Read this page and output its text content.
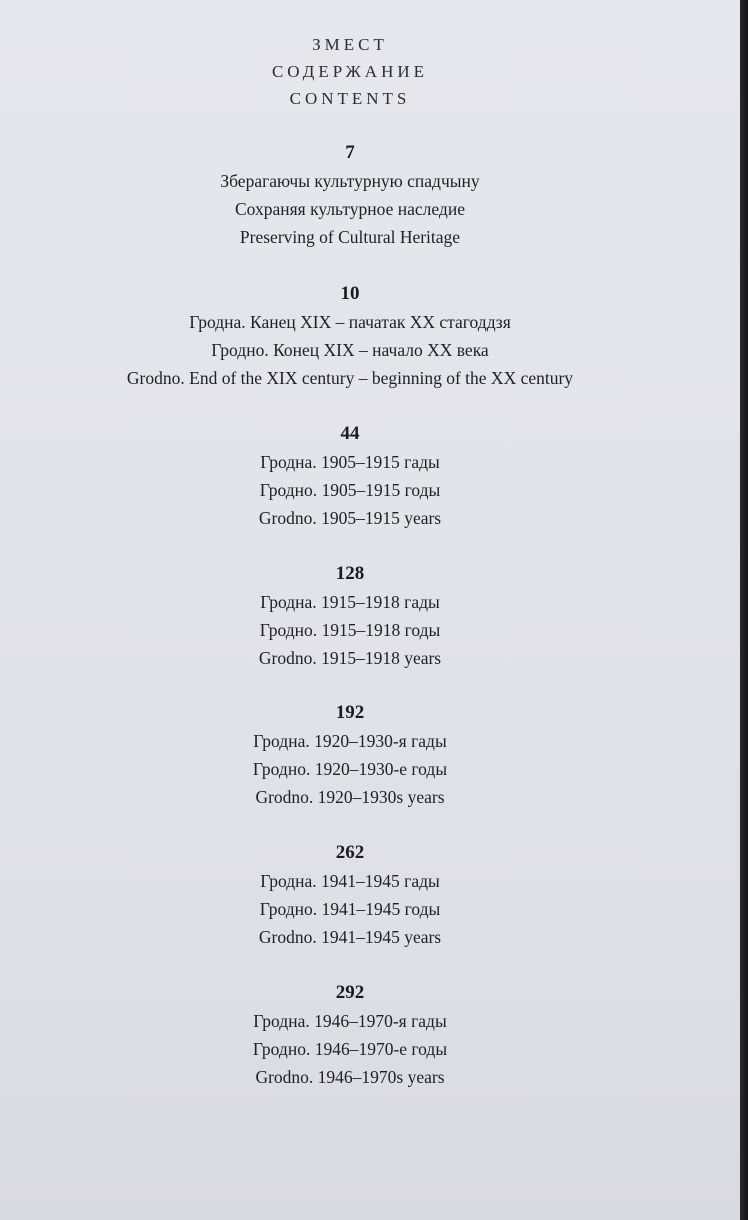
ЗМЕСТ
СОДЕРЖАНИЕ
CONTENTS
7
Зберагаючы культурную спадчыну
Сохраняя культурное наследие
Preserving of Cultural Heritage
10
Гродна. Канец XIX – пачатак XX стагоддзя
Гродно. Конец XIX – начало XX века
Grodno. End of the XIX century – beginning of the XX century
44
Гродна. 1905–1915 гады
Гродно. 1905–1915 годы
Grodno. 1905–1915 years
128
Гродна. 1915–1918 гады
Гродно. 1915–1918 годы
Grodno. 1915–1918 years
192
Гродна. 1920–1930-я гады
Гродно. 1920–1930-е годы
Grodno. 1920–1930s years
262
Гродна. 1941–1945 гады
Гродно. 1941–1945 годы
Grodno. 1941–1945 years
292
Гродна. 1946–1970-я гады
Гродно. 1946–1970-е годы
Grodno. 1946–1970s years
